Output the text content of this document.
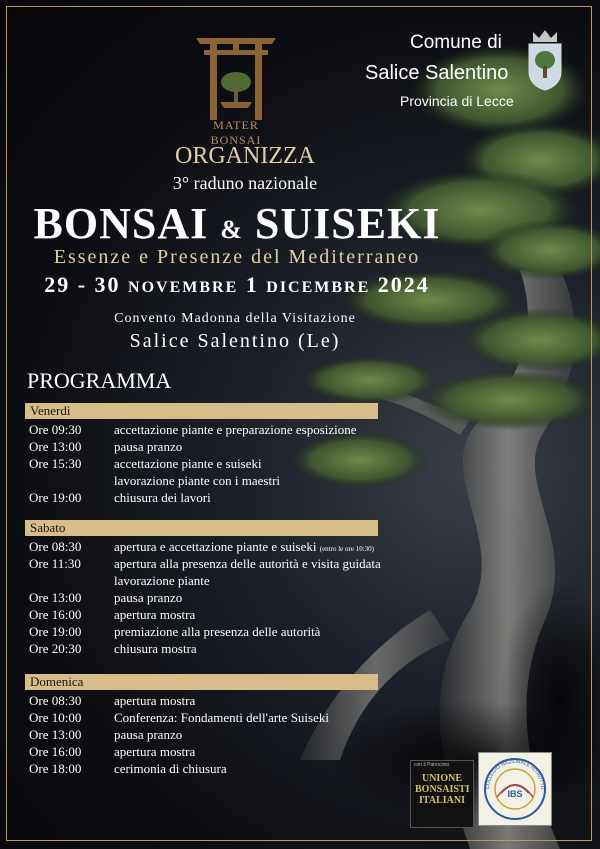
MATER BONSAI
Comune di
Salice Salentino
Provincia di Lecce
ORGANIZZA
3° raduno nazionale
BONSAI & SUISEKI
Essenze e Presenze del Mediterraneo
29 - 30 NOVEMBRE 1 DICEMBRE 2024
Convento Madonna della Visitazione
Salice Salentino (Le)
PROGRAMMA
Venerdì
Ore 09:30	accettazione piante e preparazione esposizione
Ore 13:00	pausa pranzo
Ore 15:30	accettazione piante e suiseki
lavorazione piante con i maestri
Ore 19:00	chiusura dei lavori
Sabato
Ore 08:30	apertura e accettazione piante e suiseki (entro le ore 10:30)
Ore 11:30	apertura alla presenza delle autorità e visita guidata
lavorazione piante
Ore 13:00	pausa pranzo
Ore 16:00	apertura mostra
Ore 19:00	premiazione alla presenza delle autorità
Ore 20:30	chiusura mostra
Domenica
Ore 08:30	apertura mostra
Ore 10:00	Conferenza: Fondamenti dell'arte Suiseki
Ore 13:00	pausa pranzo
Ore 16:00	apertura mostra
Ore 18:00	cerimonia di chiusura	con il Patrocinio
UNIONE BONSAISTI ITALIANI
IBS
COLLEGIO NAZIONALE ISTRUTTO
